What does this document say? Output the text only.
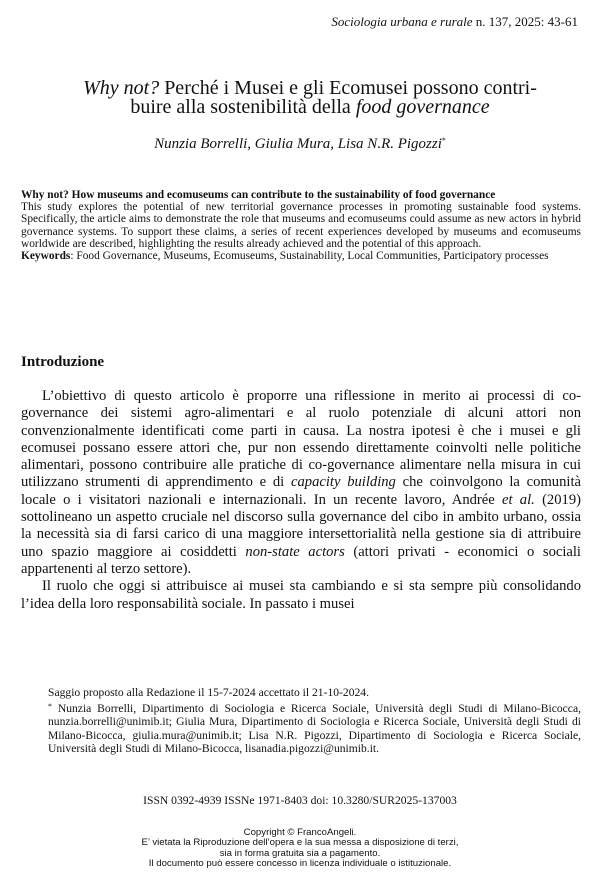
Sociologia urbana e rurale n. 137, 2025: 43-61
Why not? Perché i Musei e gli Ecomusei possono contri-
buire alla sostenibilità della food governance
Nunzia Borrelli, Giulia Mura, Lisa N.R. Pigozzi*
Why not? How museums and ecomuseums can contribute to the sustainability of food governance
This study explores the potential of new territorial governance processes in promoting sustainable food systems. Specifically, the article aims to demonstrate the role that museums and ecomuseums could assume as new actors in hybrid governance systems. To support these claims, a series of recent experiences developed by museums and ecomuseums worldwide are described, highlighting the results already achieved and the potential of this approach.
Keywords: Food Governance, Museums, Ecomuseums, Sustainability, Local Communities, Participatory processes
Introduzione

L’obiettivo di questo articolo è proporre una riflessione in merito ai processi di co-governance dei sistemi agro-alimentari e al ruolo potenziale di alcuni attori non convenzionalmente identificati come parti in causa. La nostra ipotesi è che i musei e gli ecomusei possano essere attori che, pur non essendo direttamente coinvolti nelle politiche alimentari, possono contribuire alle pratiche di co-governance alimentare nella misura in cui utilizzano strumenti di apprendimento e di capacity building che coinvolgono la comunità locale o i visitatori nazionali e internazionali. In un recente lavoro, Andrée et al. (2019) sottolineano un aspetto cruciale nel discorso sulla governance del cibo in ambito urbano, ossia la necessità sia di farsi carico di una maggiore intersettorialità nella gestione sia di attribuire uno spazio maggiore ai cosiddetti non-state actors (attori privati - economici o sociali appartenenti al terzo settore).

Il ruolo che oggi si attribuisce ai musei sta cambiando e si sta sempre più consolidando l’idea della loro responsabilità sociale. In passato i musei

Saggio proposto alla Redazione il 15-7-2024 accettato il 21-10-2024.

* Nunzia Borrelli, Dipartimento di Sociologia e Ricerca Sociale, Università degli Studi di Milano-Bicocca, nunzia.borrelli@unimib.it; Giulia Mura, Dipartimento di Sociologia e Ricerca Sociale, Università degli Studi di Milano-Bicocca, giulia.mura@unimib.it; Lisa N.R. Pigozzi, Dipartimento di Sociologia e Ricerca Sociale, Università degli Studi di Milano-Bicocca, lisanadia.pigozzi@unimib.it.

ISSN 0392-4939 ISSNe 1971-8403 doi: 10.3280/SUR2025-137003
Copyright © FrancoAngeli.
E’ vietata la Riproduzione dell’opera e la sua messa a disposizione di terzi,
sia in forma gratuita sia a pagamento.
Il documento può essere concesso in licenza individuale o istituzionale.
